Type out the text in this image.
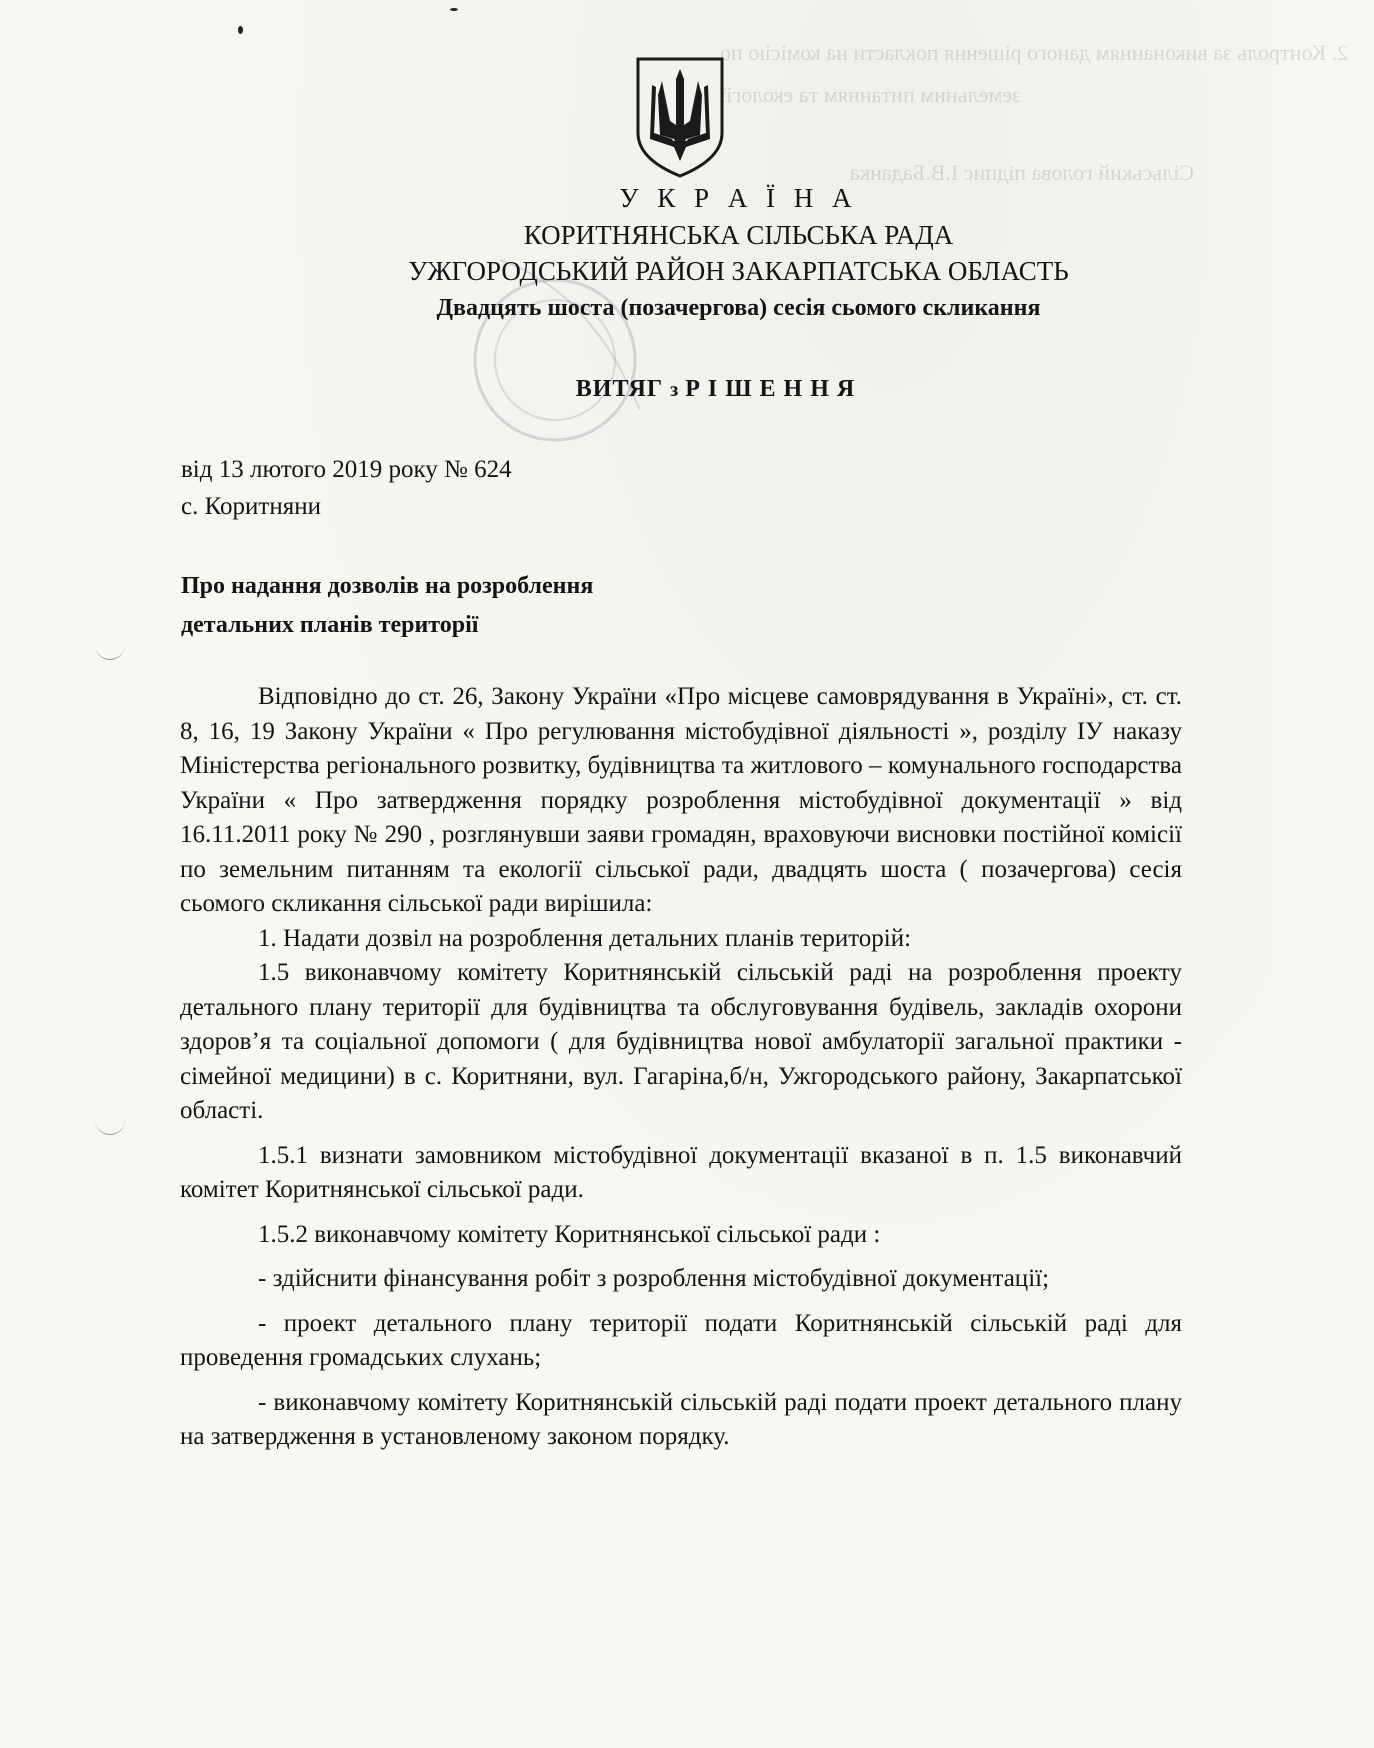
2. Контроль за виконанням даного рішення покласти на комісію по
земельним питанням та екології
Сільський голова підпис І.В.Баданка
У К Р А Ї Н А
КОРИТНЯНСЬКА СІЛЬСЬКА РАДА
УЖГОРОДСЬКИЙ РАЙОН ЗАКАРПАТСЬКА ОБЛАСТЬ
Двадцять шоста (позачергова) сесія сьомого скликання
ВИТЯГ з Р І Ш Е Н Н Я
від 13 лютого 2019 року № 624
с. Коритняни
Про надання дозволів на розроблення
детальних планів території

Відповідно до ст. 26, Закону України «Про місцеве самоврядування в Україні», ст. ст. 8, 16, 19 Закону України « Про регулювання містобудівної діяльності », розділу ІУ наказу Міністерства регіонального розвитку, будівництва та житлового – комунального господарства України « Про затвердження порядку розроблення містобудівної документації » від 16.11.2011 року № 290 , розглянувши заяви громадян, враховуючи висновки постійної комісії по земельним питанням та екології сільської ради, двадцять шоста ( позачергова) сесія сьомого скликання сільської ради вирішила:

1. Надати дозвіл на розроблення детальних планів територій:

1.5 виконавчому комітету Коритнянській сільській раді на розроблення проекту детального плану території для будівництва та обслуговування будівель, закладів охорони здоров’я та соціальної допомоги ( для будівництва нової амбулаторії загальної практики - сімейної медицини) в с. Коритняни, вул. Гагаріна,б/н, Ужгородського району, Закарпатської області.

1.5.1 визнати замовником містобудівної документації вказаної в п. 1.5 виконавчий комітет Коритнянської сільської ради.

1.5.2 виконавчому комітету Коритнянської сільської ради :

- здійснити фінансування робіт з розроблення містобудівної документації;

- проект детального плану території подати Коритнянській сільській раді для проведення громадських слухань;

- виконавчому комітету Коритнянській сільській раді подати проект детального плану на затвердження в установленому законом порядку.
